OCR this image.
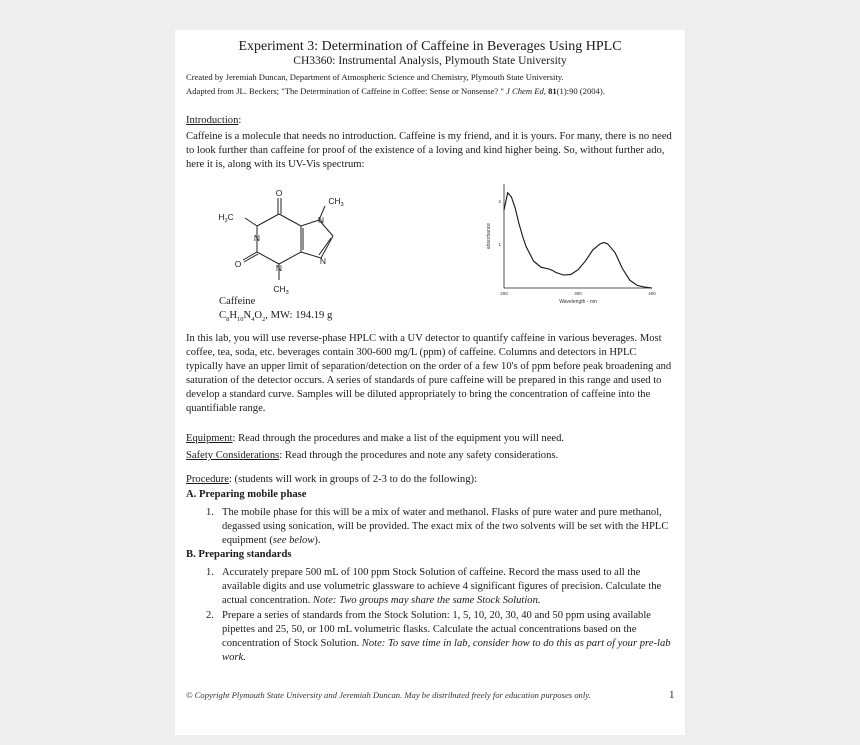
Experiment 3: Determination of Caffeine in Beverages Using HPLC
CH3360: Instrumental Analysis, Plymouth State University
Created by Jeremiah Duncan, Department of Atmospheric Science and Chemistry, Plymouth State University.
Adapted from JL. Beckers; "The Determination of Caffeine in Coffee: Sense or Nonsense? " J Chem Ed, 81(1):90 (2004).
Introduction:
Caffeine is a molecule that needs no introduction. Caffeine is my friend, and it is yours. For many, there is no need to look further than caffeine for proof of the existence of a loving and kind higher being. So, without further ado, here it is, along with its UV-Vis spectrum:
O
O
N
N
N
N
$H_3C$
$CH_3$
$CH_3$
Caffeine
$C_8H_{10}N_4O_2$, MW: 194.19 g
200	300	400
2
1
Wavelength - nm
absorbance
In this lab, you will use reverse-phase HPLC with a UV detector to quantify caffeine in various beverages. Most coffee, tea, soda, etc. beverages contain 300-600 mg/L (ppm) of caffeine. Columns and detectors in HPLC typically have an upper limit of separation/detection on the order of a few 10's of ppm before peak broadening and saturation of the detector occurs. A series of standards of pure caffeine will be prepared in this range and used to develop a standard curve. Samples will be diluted appropriately to bring the concentration of caffeine into the quantifiable range.
Equipment: Read through the procedures and make a list of the equipment you will need.
Safety Considerations: Read through the procedures and note any safety considerations.
Procedure: (students will work in groups of 2-3 to do the following):
A. Preparing mobile phase
1. The mobile phase for this will be a mix of water and methanol. Flasks of pure water and pure methanol, degassed using sonication, will be provided. The exact mix of the two solvents will be set with the HPLC equipment (see below).
B. Preparing standards
1. Accurately prepare 500 mL of 100 ppm Stock Solution of caffeine. Record the mass used to all the available digits and use volumetric glassware to achieve 4 significant figures of precision. Calculate the actual concentration. Note: Two groups may share the same Stock Solution.
2. Prepare a series of standards from the Stock Solution: 1, 5, 10, 20, 30, 40 and 50 ppm using available pipettes and 25, 50, or 100 mL volumetric flasks. Calculate the actual concentrations based on the concentration of Stock Solution. Note: To save time in lab, consider how to do this as part of your pre-lab work.
© Copyright Plymouth State University and Jeremiah Duncan. May be distributed freely for education purposes only.	1
